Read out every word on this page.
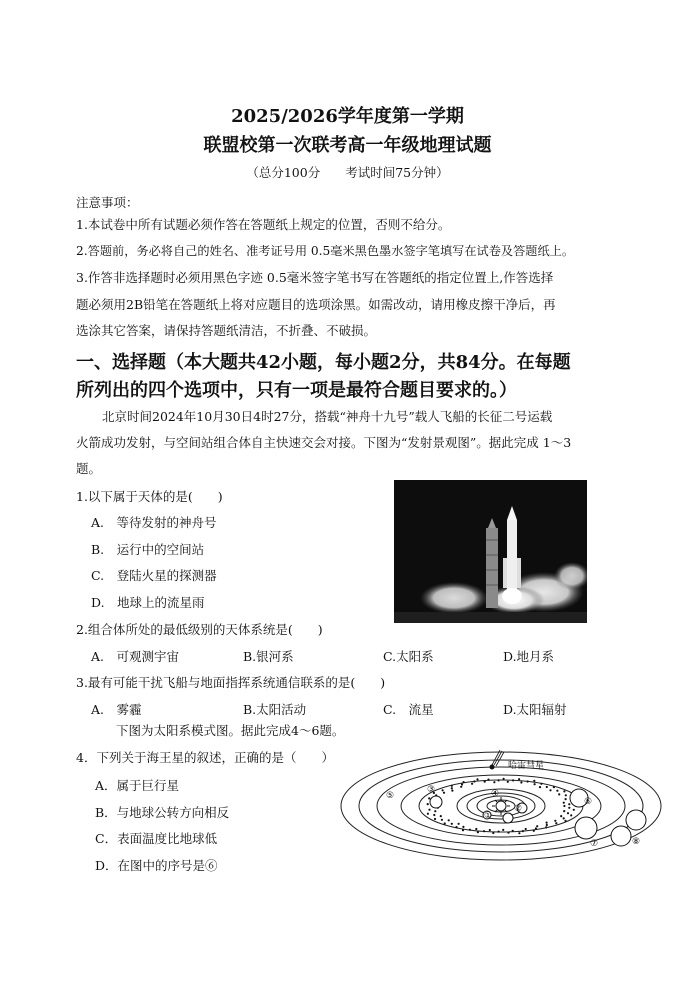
2025/2026学年度第一学期
联盟校第一次联考高一年级地理试题
（总分100分　　考试时间75分钟）
注意事项：
1.本试卷中所有试题必须作答在答题纸上规定的位置，否则不给分。
2.答题前，务必将自己的姓名、准考证号用 0.5毫米黑色墨水签字笔填写在试卷及答题纸上。
3.作答非选择题时必须用黑色字迹 0.5毫米签字笔书写在答题纸的指定位置上,作答选择
题必须用2B铅笔在答题纸上将对应题目的选项涂黑。如需改动，请用橡皮擦干净后，再
选涂其它答案，请保持答题纸清洁，不折叠、不破损。
一、选择题（本大题共42小题，每小题2分，共84分。在每题
所列出的四个选项中，只有一项是最符合题目要求的。）
北京时间2024年10月30日4时27分，搭载“神舟十九号”载人飞船的长征二号运载
火箭成功发射，与空间站组合体自主快速交会对接。下图为“发射景观图”。据此完成 1～3
题。
1.以下属于天体的是(　　)
A.　等待发射的神舟号
B.　运行中的空间站
C.　登陆火星的探测器
D.　地球上的流星雨
2.组合体所处的最低级别的天体系统是(　　)
A.　可观测宇宙	B.银河系	C.太阳系	D.地月系
3.最有可能干扰飞船与地面指挥系统通信联系的是(　　)
A.　雾霾	B.太阳活动	C.　流星	D.太阳辐射
下图为太阳系模式图。据此完成4～6题。
4．下列关于海王星的叙述，正确的是（　　）
A．属于巨行星
B．与地球公转方向相反
C．表面温度比地球低
D．在图中的序号是⑥
①
②
③	④
⑤
⑥
⑦	⑧
哈雷彗星
